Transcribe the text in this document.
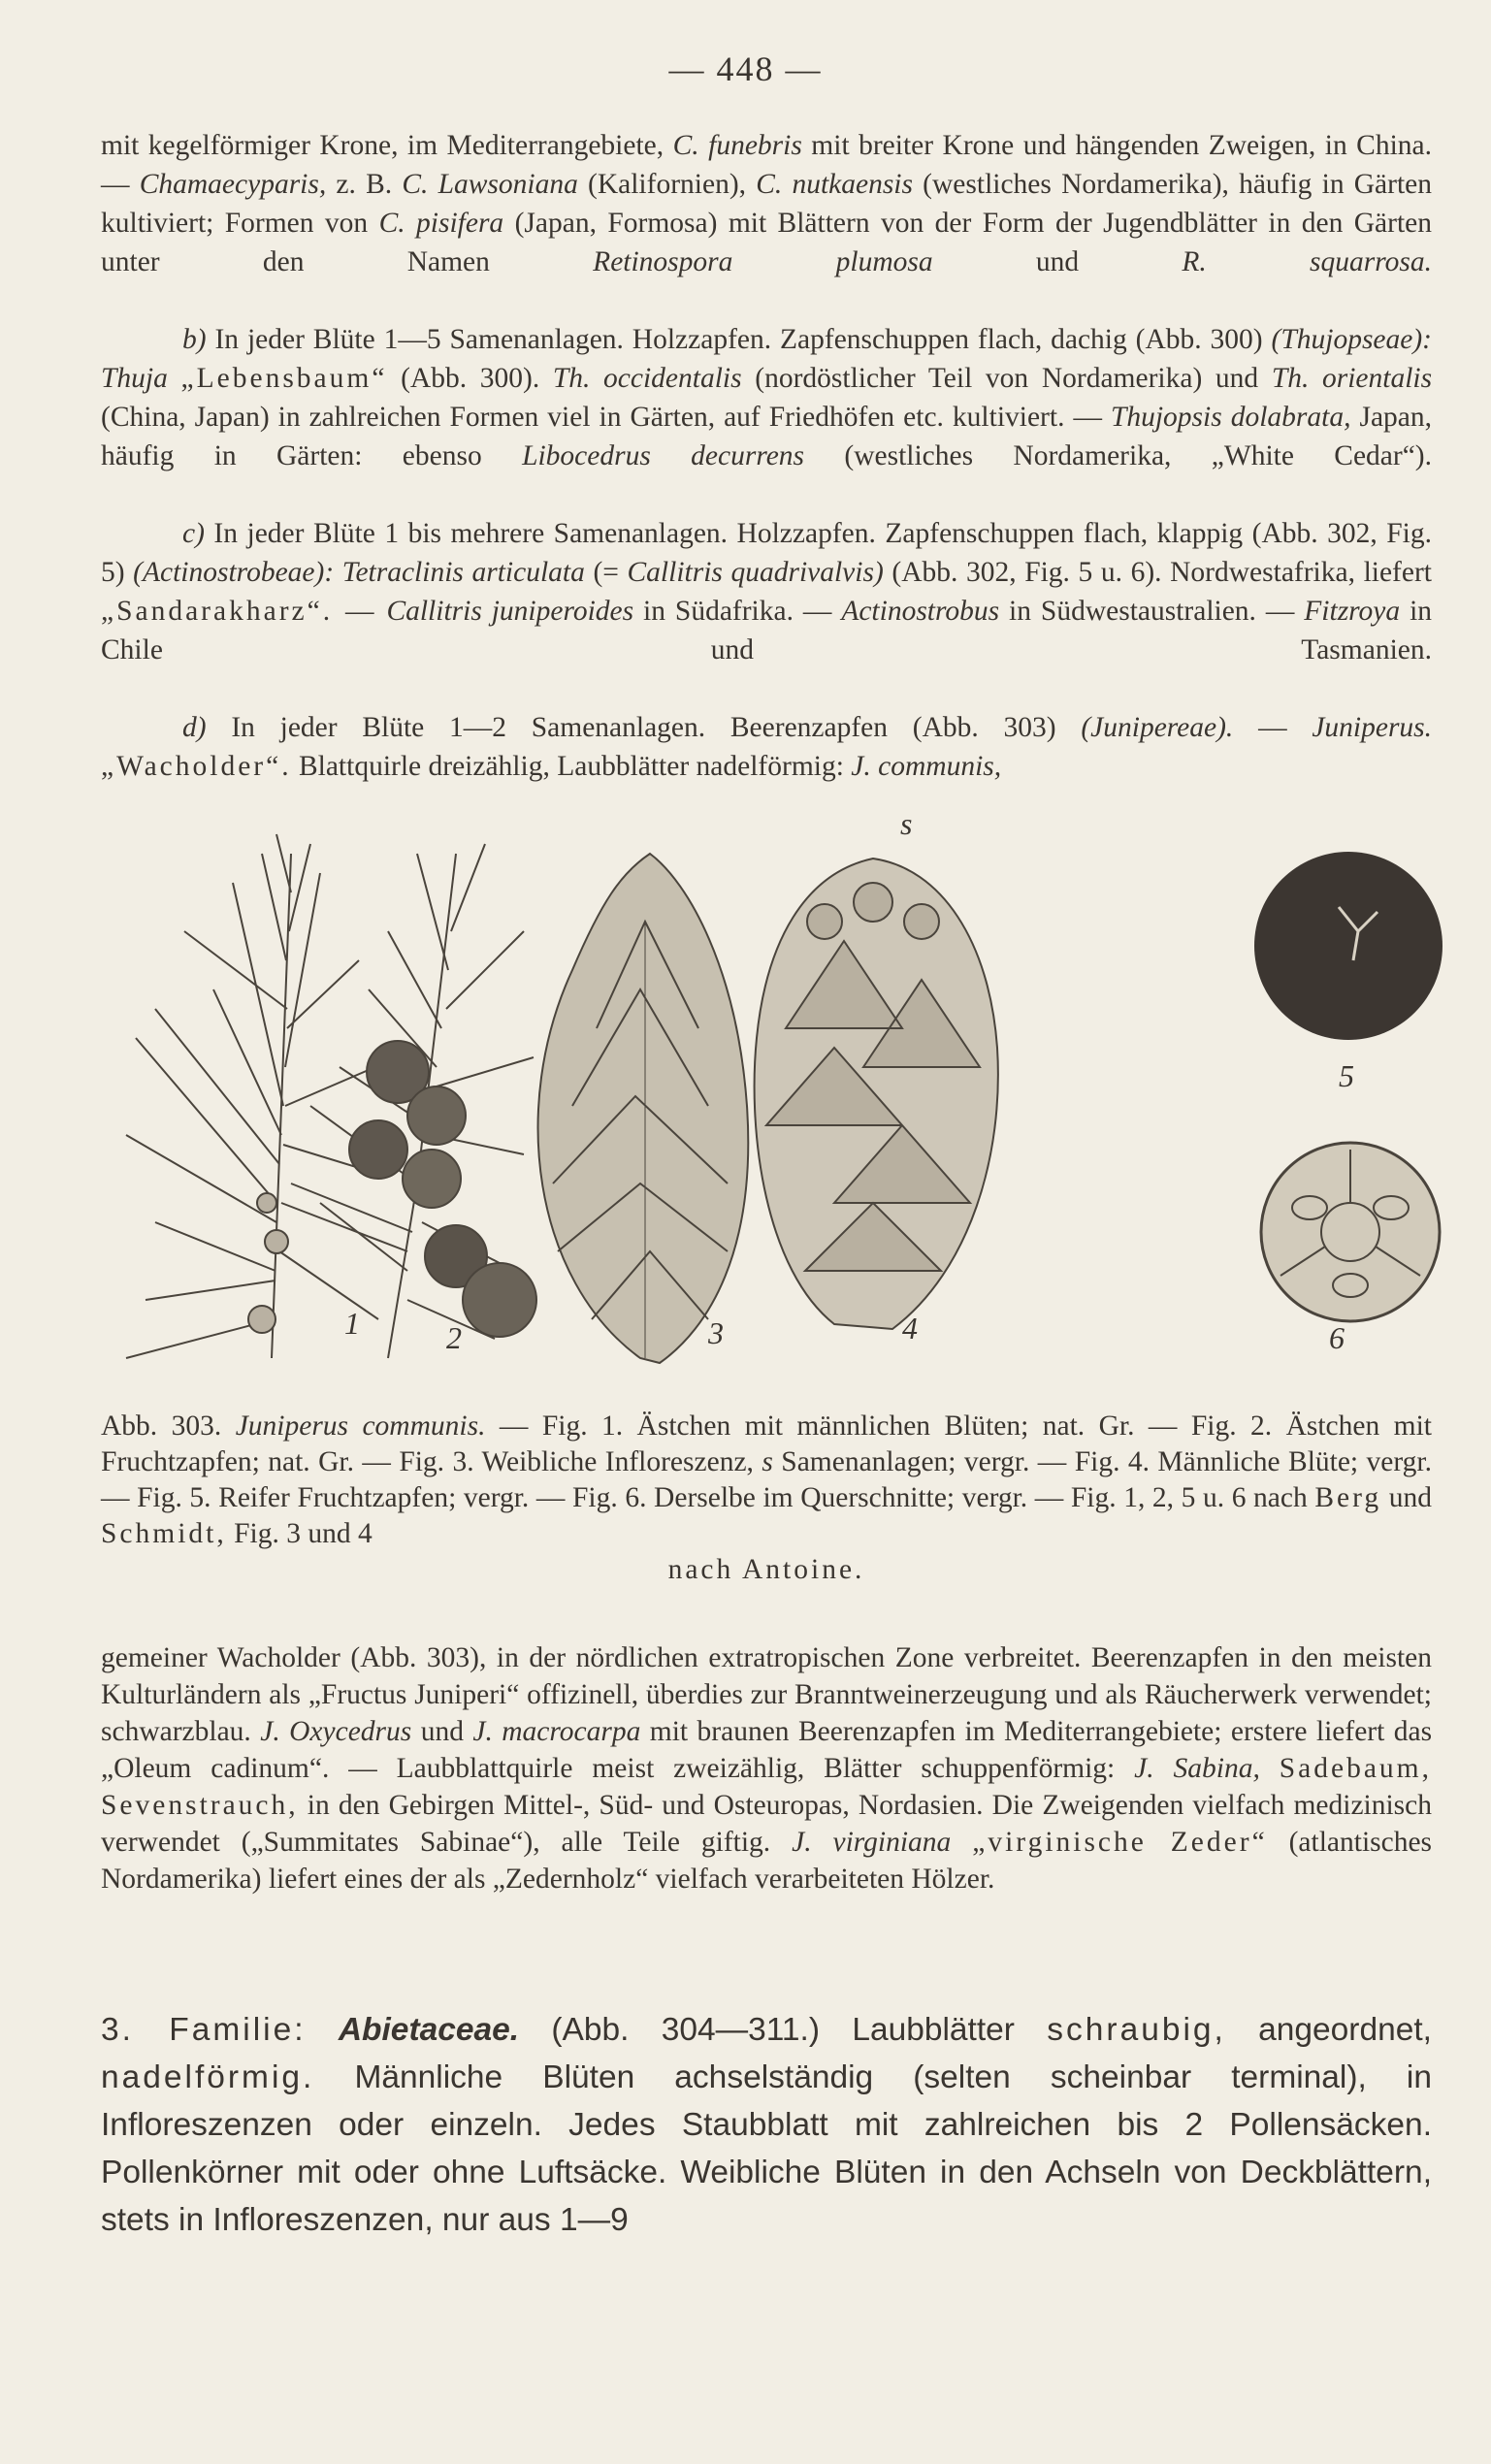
— 448 —

mit kegelförmiger Krone, im Mediterrangebiete, C. funebris mit breiter Krone und hängenden Zweigen, in China. — Chamaecyparis, z. B. C. Lawsoniana (Kalifornien), C. nutkaensis (westliches Nordamerika), häufig in Gärten kultiviert; Formen von C. pisifera (Japan, Formosa) mit Blättern von der Form der Jugendblätter in den Gärten unter den Namen	Retinospora plumosa	und	R. squarrosa.

b) In jeder Blüte 1—5 Samenanlagen. Holzzapfen. Zapfenschuppen flach, dachig (Abb. 300) (Thujopseae): Thuja „Lebensbaum“ (Abb. 300). Th. occidentalis (nordöstlicher Teil von Nordamerika) und Th. orientalis (China, Japan) in zahlreichen Formen viel in Gärten, auf Friedhöfen etc. kultiviert. — Thujopsis dolabrata, Japan, häufig in Gärten: ebenso Libocedrus decurrens (westliches Nordamerika, „White Cedar“).

c) In jeder Blüte 1 bis mehrere Samenanlagen. Holzzapfen. Zapfenschuppen flach, klappig (Abb. 302, Fig. 5) (Actinostrobeae): Tetraclinis articulata (= Callitris quadrivalvis) (Abb. 302, Fig. 5 u. 6). Nordwestafrika, liefert „Sandarakharz“. — Callitris juniperoides in Südafrika. — Actinostrobus in Südwestaustralien. — Fitzroya in Chile und Tasmanien.

d) In jeder Blüte 1—2 Samenanlagen. Beerenzapfen (Abb. 303) (Junipereae). — Juniperus. „Wacholder“. Blattquirle dreizählig, Laubblätter nadelförmig: J. communis,

1	2	3	4
5
6
s
Abb. 303. Juniperus communis. — Fig. 1. Ästchen mit männlichen Blüten; nat. Gr. — Fig. 2. Ästchen mit Fruchtzapfen; nat. Gr. — Fig. 3. Weibliche Infloreszenz, s Samenanlagen; vergr. — Fig. 4. Männliche Blüte; vergr. — Fig. 5. Reifer Fruchtzapfen; vergr. — Fig. 6. Derselbe im Querschnitte; vergr. — Fig. 1, 2, 5 u. 6 nach Berg und Schmidt, Fig. 3 und 4
nach Antoine.
gemeiner Wacholder (Abb. 303), in der nördlichen extratropischen Zone verbreitet. Beerenzapfen in den meisten Kulturländern als „Fructus Juniperi“ offizinell, überdies zur Branntweinerzeugung und als Räucherwerk verwendet; schwarzblau. J. Oxycedrus und J. macrocarpa mit braunen Beerenzapfen im Mediterrangebiete; erstere liefert das „Oleum cadinum“. — Laubblattquirle meist zweizählig, Blätter schuppenförmig: J. Sabina, Sadebaum, Sevenstrauch, in den Gebirgen Mittel-, Süd- und Osteuropas, Nordasien. Die Zweigenden vielfach medizinisch verwendet („Summitates Sabinae“), alle Teile giftig. J. virginiana „virginische Zeder“ (atlantisches Nordamerika) liefert eines der als „Zedernholz“ vielfach verarbeiteten Hölzer.
3. Familie: Abietaceae. (Abb. 304—311.) Laubblätter schraubig, angeordnet, nadelförmig. Männliche Blüten achselständig (selten scheinbar terminal), in Infloreszenzen oder einzeln. Jedes Staubblatt mit zahlreichen bis 2 Pollensäcken. Pollenkörner mit oder ohne Luftsäcke. Weibliche Blüten in den Achseln von Deckblättern, stets in Infloreszenzen, nur aus 1—9
